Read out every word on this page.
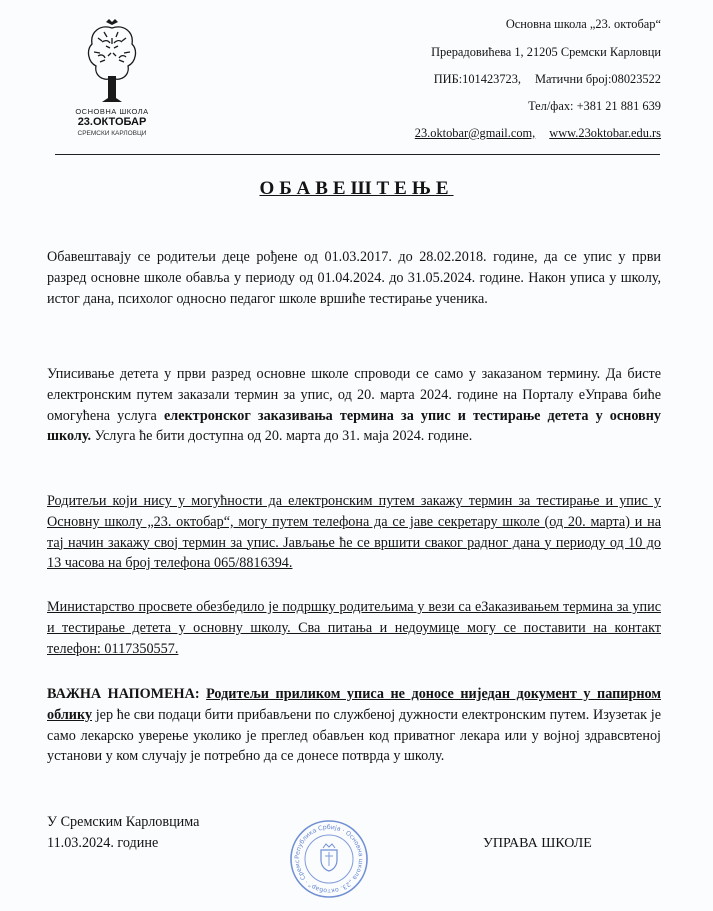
ОСНОВНА ШКОЛА
23.ОКТОБАР
СРЕМСКИ КАРЛОВЦИ
Основна школа „23. октобар“
Прерадовићева 1, 21205 Сремски Карловци
ПИБ:101423723, Матични број:08023522
Тел/фах: +381 21 881 639
23.oktobar@gmail.com, www.23oktobar.edu.rs
ОБАВЕШТЕЊЕ
Обавештавају се родитељи деце рођене од 01.03.2017. до 28.02.2018. године, да се упис у први разред основне школе обавља у периоду од 01.04.2024. до 31.05.2024. године. Након уписа у школу, истог дана, психолог односно педагог школе вршиће тестирање ученика.
Уписивање детета у први разред основне школе спроводи се само у заказаном термину. Да бисте електронским путем заказали термин за упис, од 20. марта 2024. године на Порталу еУправа биће омогућена услуга електронског заказивања термина за упис и тестирање детета у основну школу. Услуга ће бити доступна од 20. марта до 31. маја 2024. године.
Родитељи који нису у могућности да електронским путем закажу термин за тестирање и упис у Основну школу „23. октобар“, могу путем телефона да се јаве секретару школе (од 20. марта) и на тај начин закажу свој термин за упис. Јављање ће се вршити сваког радног дана у периоду од 10 до 13 часова на број телефона 065/8816394.
Министарство просвете обезбедило је подршку родитељима у вези са еЗаказивањем термина за упис и тестирање детета у основну школу. Сва питања и недоумице могу се поставити на контакт телефон: 0117350557.
ВАЖНА НАПОМЕНА: Родитељи приликом уписа не доносе ниједан документ у папирном облику јер ће сви подаци бити прибављени по службеној дужности електронским путем. Изузетак је само лекарско уверење уколико је преглед обављен код приватног лекара или у војној здравсвтеној установи у ком случају је потребно да се донесе потврда у школу.
У Сремским Карловцима
11.03.2024. године
Република Србија · Основна школа „23. октобар“ · Сремс
УПРАВА ШКОЛЕ
